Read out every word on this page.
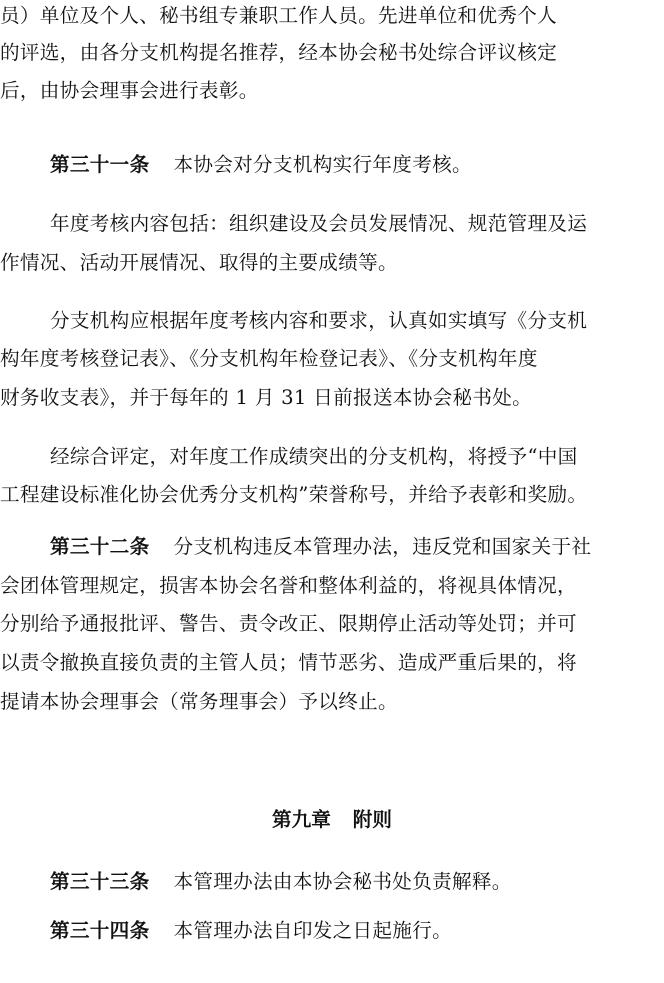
员）单位及个人、秘书组专兼职工作人员。先进单位和优秀个人
的评选，由各分支机构提名推荐，经本协会秘书处综合评议核定
后，由协会理事会进行表彰。
第三十一条 本协会对分支机构实行年度考核。
年度考核内容包括：组织建设及会员发展情况、规范管理及运
作情况、活动开展情况、取得的主要成绩等。
分支机构应根据年度考核内容和要求，认真如实填写《分支机
构年度考核登记表》、《分支机构年检登记表》、《分支机构年度
财务收支表》，并于每年的 1 月 31 日前报送本协会秘书处。
经综合评定，对年度工作成绩突出的分支机构，将授予“中国
工程建设标准化协会优秀分支机构”荣誉称号，并给予表彰和奖励。
第三十二条 分支机构违反本管理办法，违反党和国家关于社
会团体管理规定，损害本协会名誉和整体利益的，将视具体情况，
分别给予通报批评、警告、责令改正、限期停止活动等处罚；并可
以责令撤换直接负责的主管人员；情节恶劣、造成严重后果的，将
提请本协会理事会（常务理事会）予以终止。
第九章 附则
第三十三条 本管理办法由本协会秘书处负责解释。
第三十四条 本管理办法自印发之日起施行。
